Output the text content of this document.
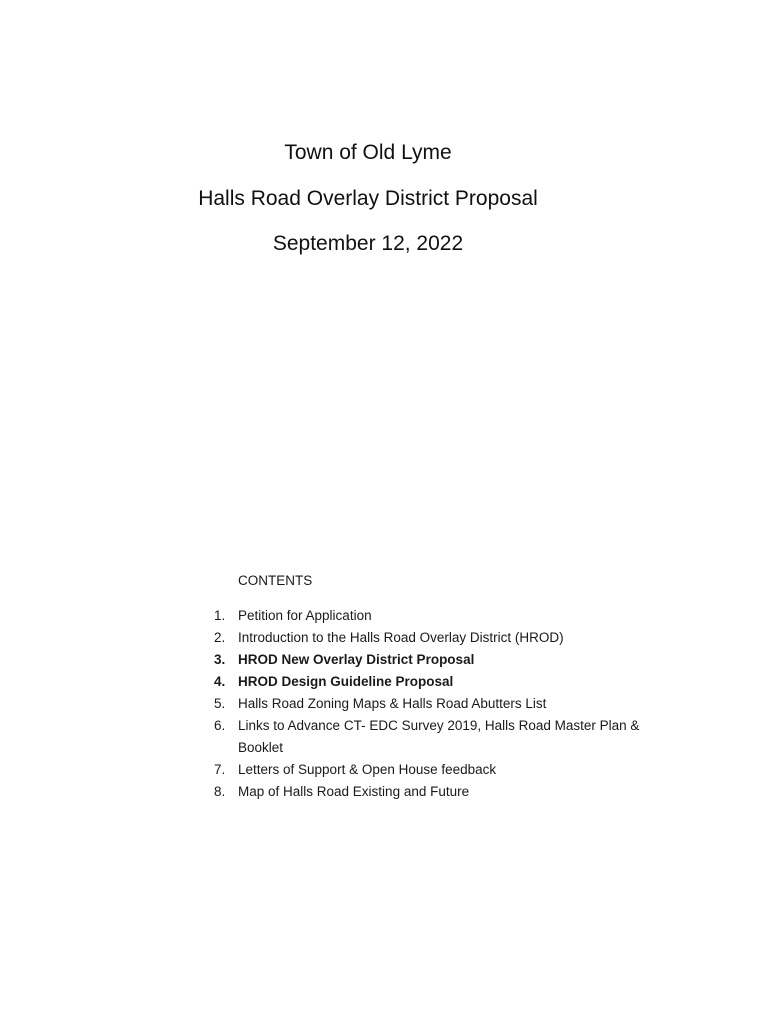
Town of Old Lyme
Halls Road Overlay District Proposal
September 12, 2022
CONTENTS
1. Petition for Application
2. Introduction to the Halls Road Overlay District (HROD)
3. HROD New Overlay District Proposal
4. HROD Design Guideline Proposal
5. Halls Road Zoning Maps & Halls Road Abutters List
6. Links to Advance CT- EDC Survey 2019, Halls Road Master Plan & Booklet
7. Letters of Support & Open House feedback
8. Map of Halls Road Existing and Future
